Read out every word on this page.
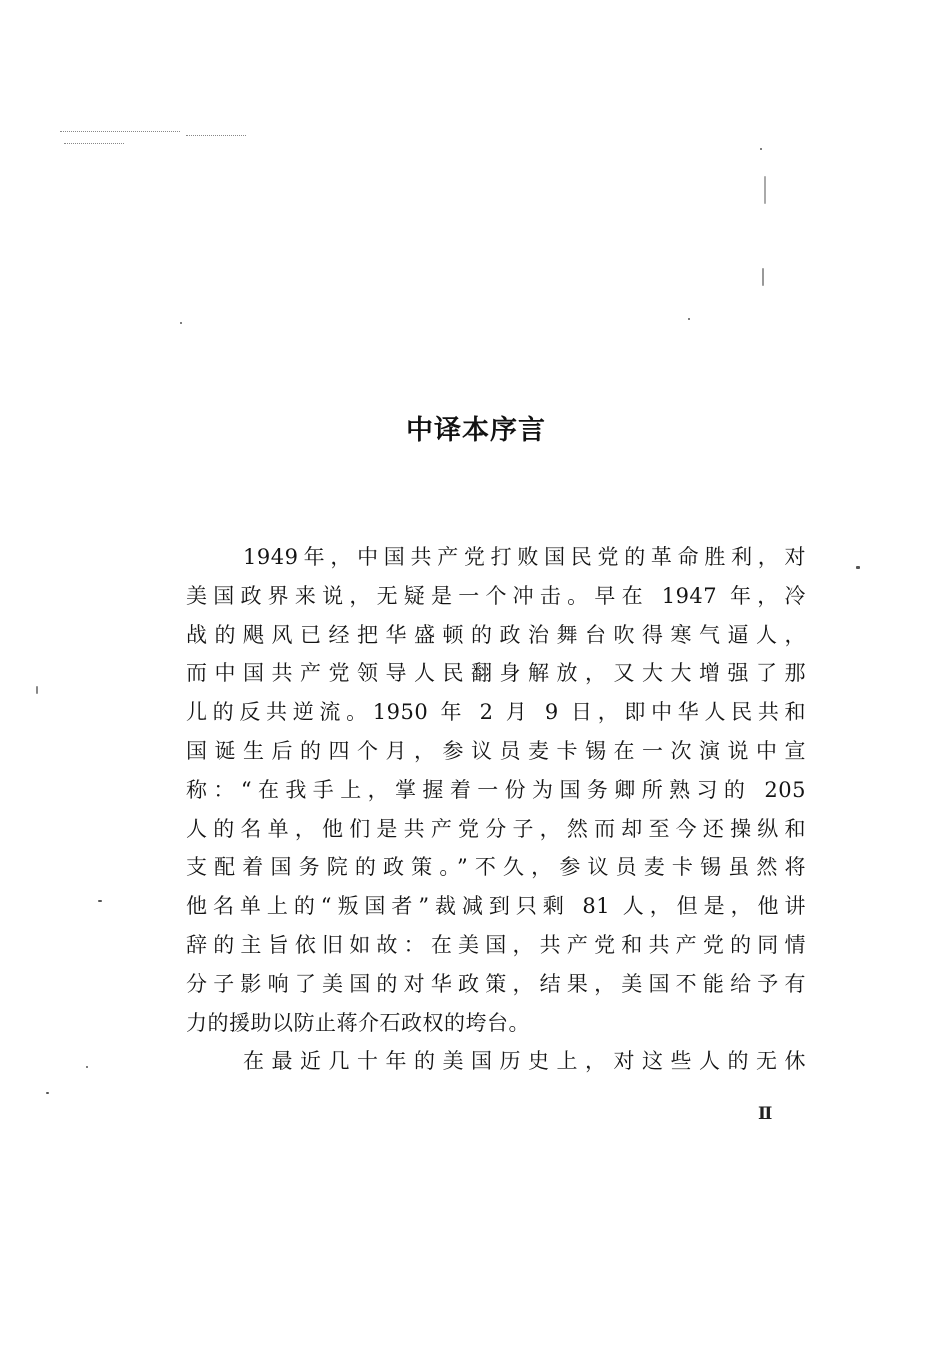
中译本序言
1949年，中国共产党打败国民党的革命胜利，对
美国政界来说，无疑是一个冲击。早在 1947 年，冷
战的飓风已经把华盛顿的政治舞台吹得寒气逼人，
而中国共产党领导人民翻身解放，又大大增强了那
儿的反共逆流。1950 年 2 月 9 日，即中华人民共和
国诞生后的四个月，参议员麦卡锡在一次演说中宣
称：“在我手上，掌握着一份为国务卿所熟习的 205
人的名单，他们是共产党分子，然而却至今还操纵和
支配着国务院的政策。”不久，参议员麦卡锡虽然将
他名单上的“叛国者”裁减到只剩 81 人，但是，他讲
辞的主旨依旧如故：在美国，共产党和共产党的同情
分子影响了美国的对华政策，结果，美国不能给予有
力的援助以防止蒋介石政权的垮台。
在最近几十年的美国历史上，对这些人的无休
Ⅱ
